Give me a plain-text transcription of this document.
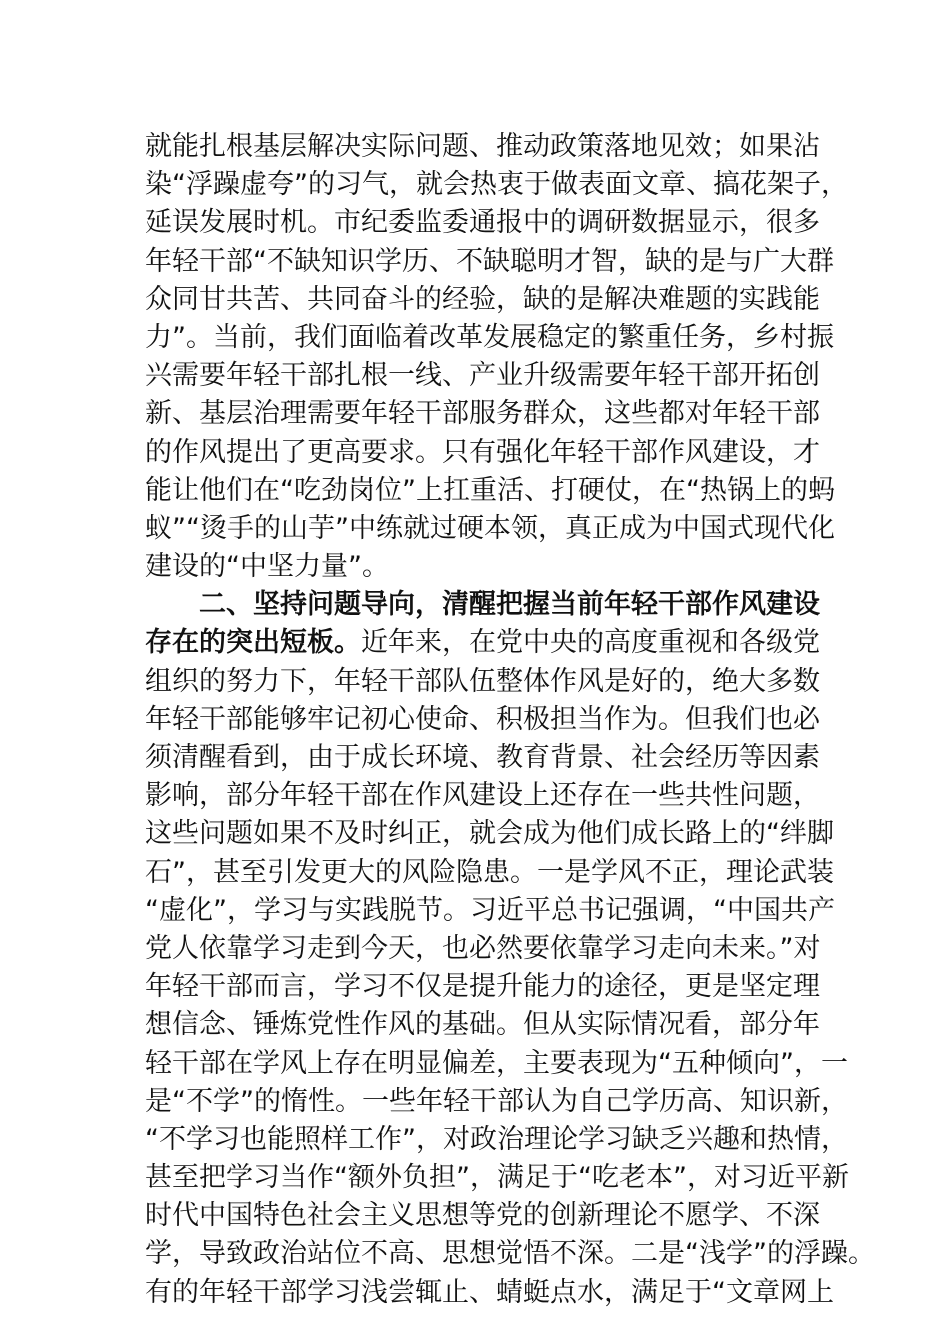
就能扎根基层解决实际问题、推动政策落地见效；如果沾
染“浮躁虚夸”的习气，就会热衷于做表面文章、搞花架子，
延误发展时机。市纪委监委通报中的调研数据显示，很多
年轻干部“不缺知识学历、不缺聪明才智，缺的是与广大群
众同甘共苦、共同奋斗的经验，缺的是解决难题的实践能
力”。当前，我们面临着改革发展稳定的繁重任务，乡村振
兴需要年轻干部扎根一线、产业升级需要年轻干部开拓创
新、基层治理需要年轻干部服务群众，这些都对年轻干部
的作风提出了更高要求。只有强化年轻干部作风建设，才
能让他们在“吃劲岗位”上扛重活、打硬仗，在“热锅上的蚂
蚁”“烫手的山芋”中练就过硬本领，真正成为中国式现代化
建设的“中坚力量”。
　　二、坚持问题导向，清醒把握当前年轻干部作风建设
存在的突出短板。近年来，在党中央的高度重视和各级党
组织的努力下，年轻干部队伍整体作风是好的，绝大多数
年轻干部能够牢记初心使命、积极担当作为。但我们也必
须清醒看到，由于成长环境、教育背景、社会经历等因素
影响，部分年轻干部在作风建设上还存在一些共性问题，
这些问题如果不及时纠正，就会成为他们成长路上的“绊脚
石”，甚至引发更大的风险隐患。一是学风不正，理论武装
“虚化”，学习与实践脱节。习近平总书记强调，“中国共产
党人依靠学习走到今天，也必然要依靠学习走向未来。”对
年轻干部而言，学习不仅是提升能力的途径，更是坚定理
想信念、锤炼党性作风的基础。但从实际情况看，部分年
轻干部在学风上存在明显偏差，主要表现为“五种倾向”，一
是“不学”的惰性。一些年轻干部认为自己学历高、知识新，
“不学习也能照样工作”，对政治理论学习缺乏兴趣和热情，
甚至把学习当作“额外负担”，满足于“吃老本”，对习近平新
时代中国特色社会主义思想等党的创新理论不愿学、不深
学，导致政治站位不高、思想觉悟不深。二是“浅学”的浮躁。
有的年轻干部学习浅尝辄止、蜻蜓点水，满足于“文章网上
